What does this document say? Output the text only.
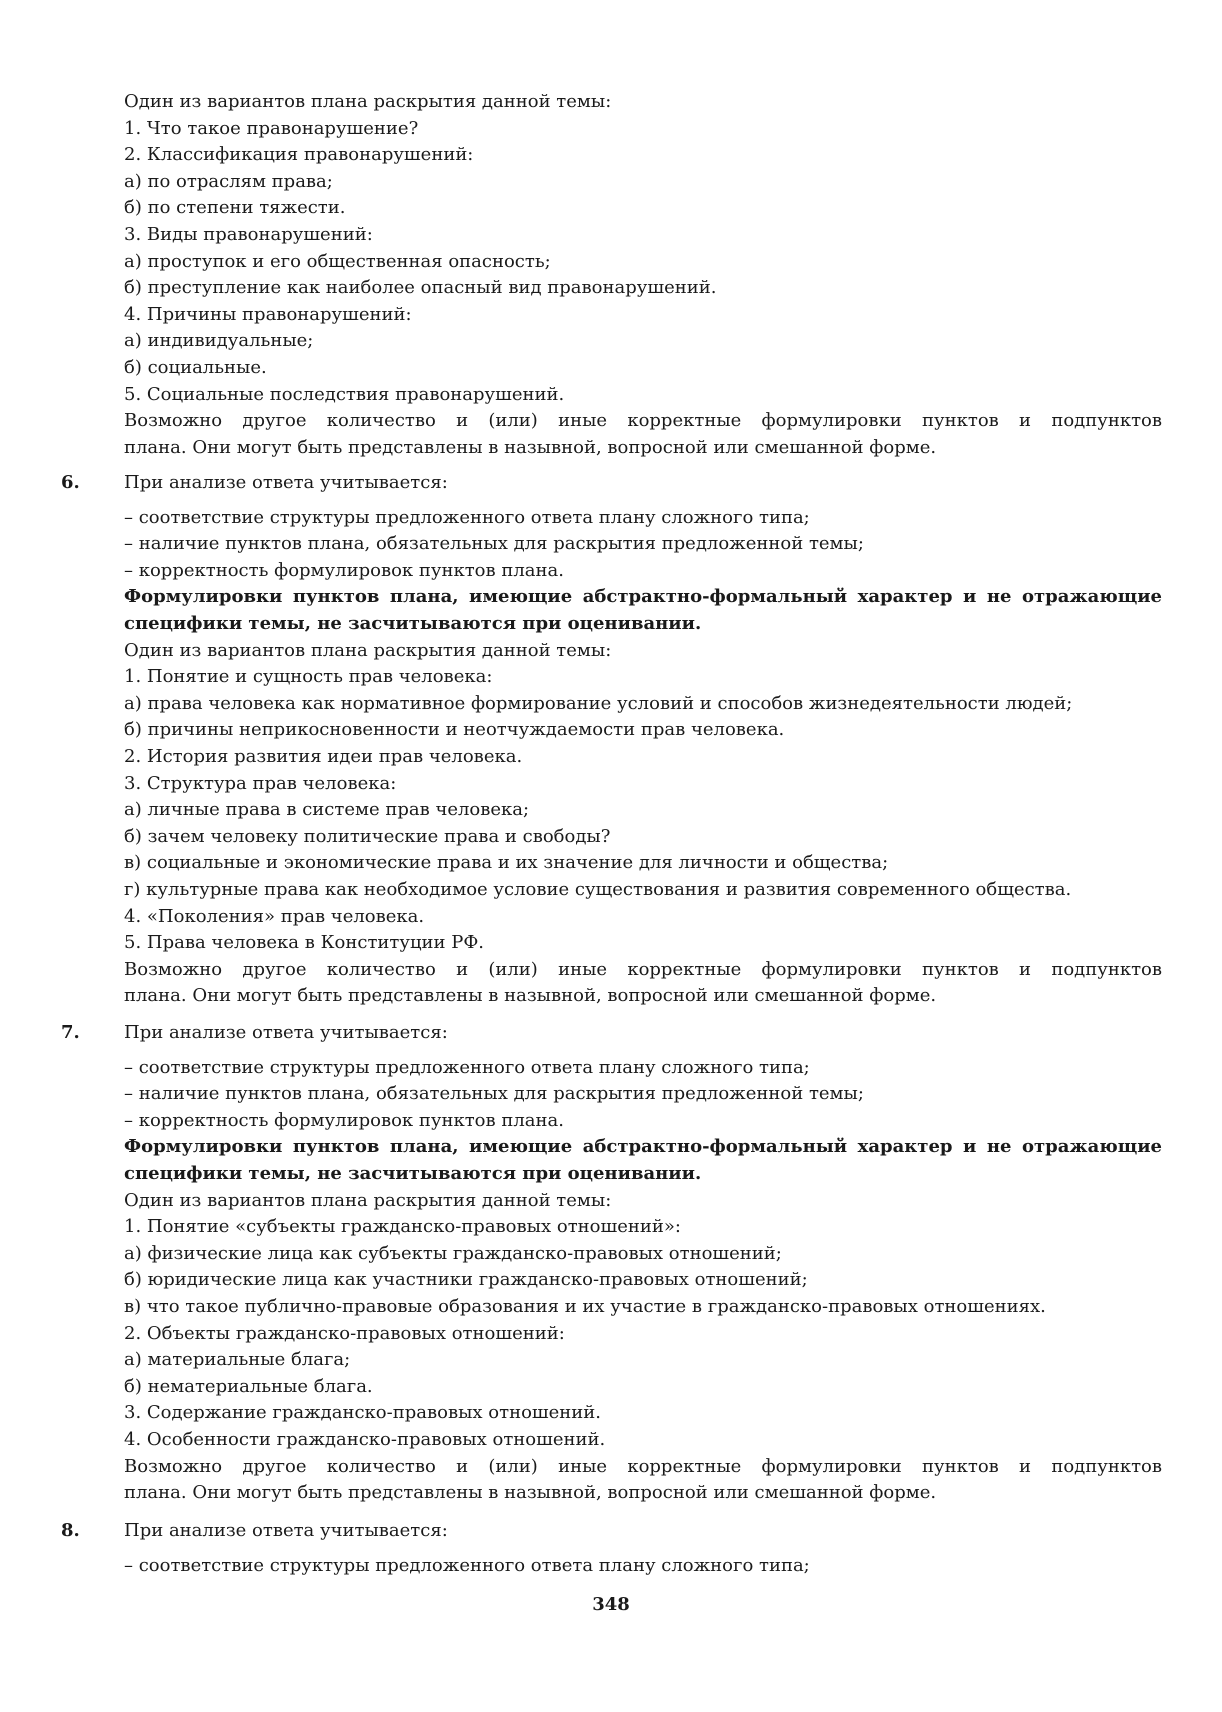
Один из вариантов плана раскрытия данной темы:
1. Что такое правонарушение?
2. Классификация правонарушений:
а) по отраслям права;
б) по степени тяжести.
3. Виды правонарушений:
а) проступок и его общественная опасность;
б) преступление как наиболее опасный вид правонарушений.
4. Причины правонарушений:
а) индивидуальные;
б) социальные.
5. Социальные последствия правонарушений.
Возможно другое количество и (или) иные корректные формулировки пунктов и подпунктов
плана. Они могут быть представлены в назывной, вопросной или смешанной форме.
6. При анализе ответа учитывается:
– соответствие структуры предложенного ответа плану сложного типа;
– наличие пунктов плана, обязательных для раскрытия предложенной темы;
– корректность формулировок пунктов плана.
Формулировки пунктов плана, имеющие абстрактно-формальный характер и не отражающие
специфики темы, не засчитываются при оценивании.
Один из вариантов плана раскрытия данной темы:
1. Понятие и сущность прав человека:
а) права человека как нормативное формирование условий и способов жизнедеятельности людей;
б) причины неприкосновенности и неотчуждаемости прав человека.
2. История развития идеи прав человека.
3. Структура прав человека:
а) личные права в системе прав человека;
б) зачем человеку политические права и свободы?
в) социальные и экономические права и их значение для личности и общества;
г) культурные права как необходимое условие существования и развития современного общества.
4. «Поколения» прав человека.
5. Права человека в Конституции РФ.
Возможно другое количество и (или) иные корректные формулировки пунктов и подпунктов
плана. Они могут быть представлены в назывной, вопросной или смешанной форме.
7. При анализе ответа учитывается:
– соответствие структуры предложенного ответа плану сложного типа;
– наличие пунктов плана, обязательных для раскрытия предложенной темы;
– корректность формулировок пунктов плана.
Формулировки пунктов плана, имеющие абстрактно-формальный характер и не отражающие
специфики темы, не засчитываются при оценивании.
Один из вариантов плана раскрытия данной темы:
1. Понятие «субъекты гражданско-правовых отношений»:
а) физические лица как субъекты гражданско-правовых отношений;
б) юридические лица как участники гражданско-правовых отношений;
в) что такое публично-правовые образования и их участие в гражданско-правовых отношениях.
2. Объекты гражданско-правовых отношений:
а) материальные блага;
б) нематериальные блага.
3. Содержание гражданско-правовых отношений.
4. Особенности гражданско-правовых отношений.
Возможно другое количество и (или) иные корректные формулировки пунктов и подпунктов
плана. Они могут быть представлены в назывной, вопросной или смешанной форме.
8. При анализе ответа учитывается:
– соответствие структуры предложенного ответа плану сложного типа;
348
